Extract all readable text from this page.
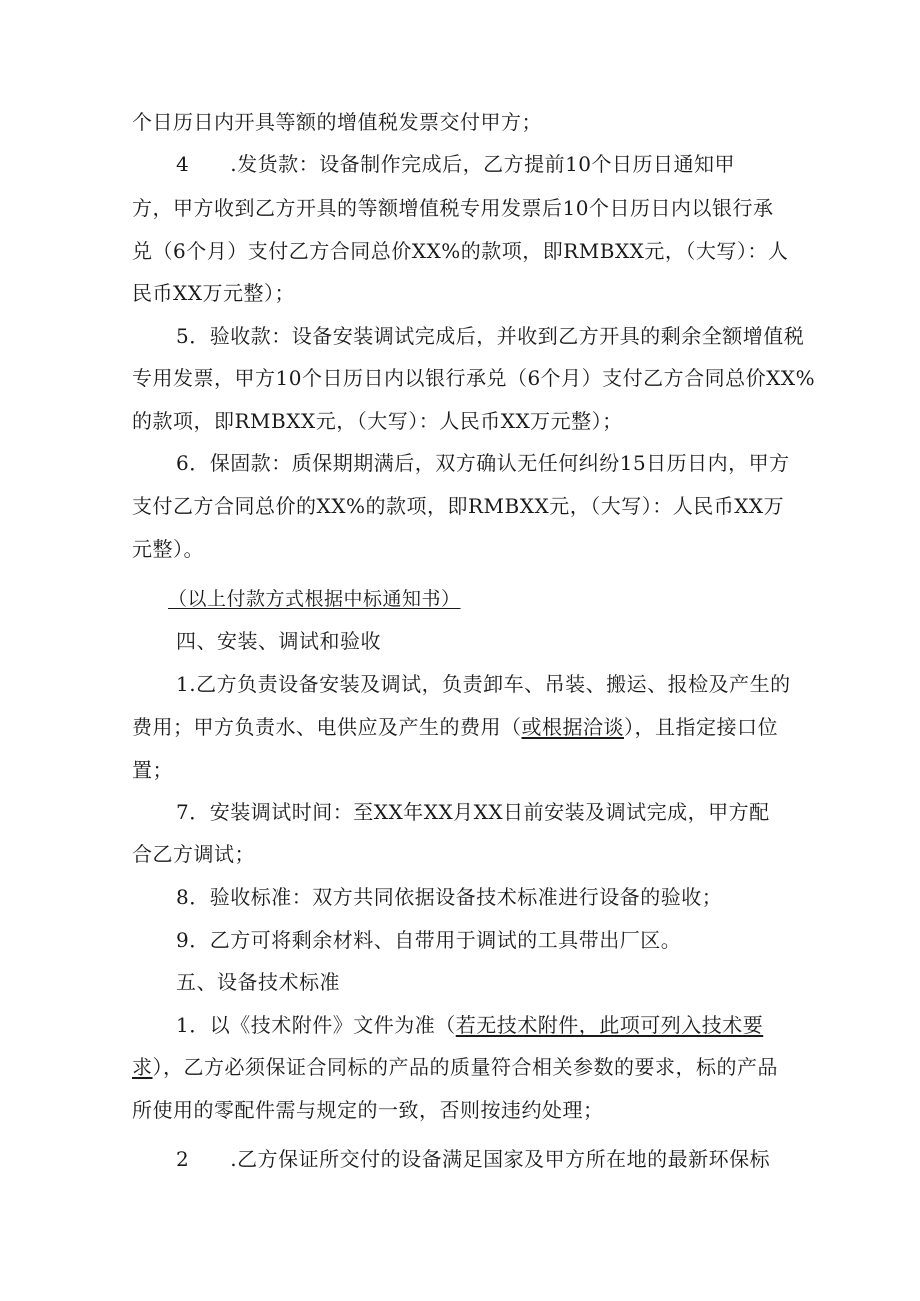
个日历日内开具等额的增值税发票交付甲方；
4　　.发货款：设备制作完成后，乙方提前10个日历日通知甲
方，甲方收到乙方开具的等额增值税专用发票后10个日历日内以银行承
兑（6个月）支付乙方合同总价XX%的款项，即RMBXX元，（大写）：人
民币XX万元整）；
5．验收款：设备安装调试完成后，并收到乙方开具的剩余全额增值税
专用发票，甲方10个日历日内以银行承兑（6个月）支付乙方合同总价XX%
的款项，即RMBXX元，（大写）：人民币XX万元整）；
6．保固款：质保期期满后，双方确认无任何纠纷15日历日内，甲方
支付乙方合同总价的XX%的款项，即RMBXX元，（大写）：人民币XX万
元整）。
（以上付款方式根据中标通知书）
四、安装、调试和验收
1.乙方负责设备安装及调试，负责卸车、吊装、搬运、报检及产生的
费用；甲方负责水、电供应及产生的费用（或根据洽谈），且指定接口位
置；
7．安装调试时间：至XX年XX月XX日前安装及调试完成，甲方配
合乙方调试；
8．验收标准：双方共同依据设备技术标准进行设备的验收；
9．乙方可将剩余材料、自带用于调试的工具带出厂区。
五、设备技术标准
1．以《技术附件》文件为准（若无技术附件，此项可列入技术要
求），乙方必须保证合同标的产品的质量符合相关参数的要求，标的产品
所使用的零配件需与规定的一致，否则按违约处理；
2　　.乙方保证所交付的设备满足国家及甲方所在地的最新环保标
